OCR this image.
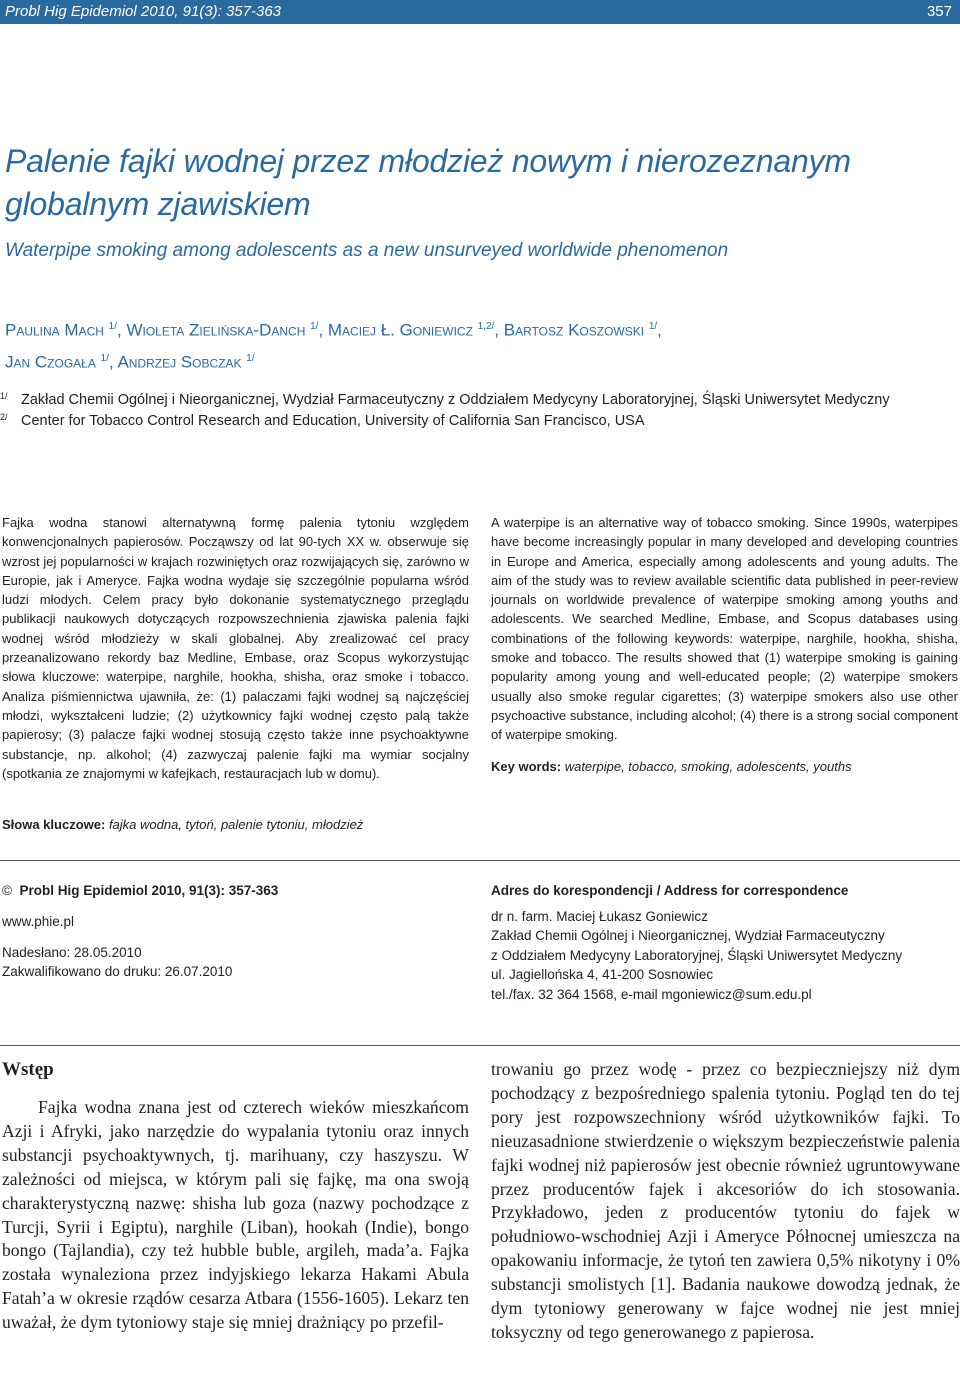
Probl Hig Epidemiol 2010, 91(3): 357-363	357
Palenie fajki wodnej przez młodzież nowym i nierozeznanym globalnym zjawiskiem
Waterpipe smoking among adolescents as a new unsurveyed worldwide phenomenon
Paulina Mach $^{1/}$, Wioleta Zielińska-Danch $^{1/}$, Maciej Ł. Goniewicz $^{1,2/}$, Bartosz Koszowski $^{1/}$,
Jan Czogała $^{1/}$, Andrzej Sobczak $^{1/}$
1/ Zakład Chemii Ogólnej i Nieorganicznej, Wydział Farmaceutyczny z Oddziałem Medycyny Laboratoryjnej, Śląski Uniwersytet Medyczny
2/ Center for Tobacco Control Research and Education, University of California San Francisco, USA

Fajka wodna stanowi alternatywną formę palenia tytoniu względem konwencjonalnych papierosów. Począwszy od lat 90-tych XX w. obserwuje się wzrost jej popularności w krajach rozwiniętych oraz rozwijających się, zarówno w Europie, jak i Ameryce. Fajka wodna wydaje się szczególnie popularna wśród ludzi młodych. Celem pracy było dokonanie systematycznego przeglądu publikacji naukowych dotyczących rozpowszechnienia zjawiska palenia fajki wodnej wśród młodzieży w skali globalnej. Aby zrealizować cel pracy przeanalizowano rekordy baz Medline, Embase, oraz Scopus wykorzystując słowa kluczowe: waterpipe, narghile, hookha, shisha, oraz smoke i tobacco. Analiza piśmiennictwa ujawniła, że: (1) palaczami fajki wodnej są najczęściej młodzi, wykształceni ludzie; (2) użytkownicy fajki wodnej często palą także papierosy; (3) palacze fajki wodnej stosują często także inne psychoaktywne substancje, np. alkohol; (4) zazwyczaj palenie fajki ma wymiar socjalny (spotkania ze znajomymi w kafejkach, restauracjach lub w domu).

Słowa kluczowe: fajka wodna, tytoń, palenie tytoniu, młodzież

A waterpipe is an alternative way of tobacco smoking. Since 1990s, waterpipes have become increasingly popular in many developed and developing countries in Europe and America, especially among adolescents and young adults. The aim of the study was to review available scientific data published in peer-review journals on worldwide prevalence of waterpipe smoking among youths and adolescents. We searched Medline, Embase, and Scopus databases using combinations of the following keywords: waterpipe, narghile, hookha, shisha, smoke and tobacco. The results showed that (1) waterpipe smoking is gaining popularity among young and well-educated people; (2) waterpipe smokers usually also smoke regular cigarettes; (3) waterpipe smokers also use other psychoactive substance, including alcohol; (4) there is a strong social component of waterpipe smoking.

Key words: waterpipe, tobacco, smoking, adolescents, youths

© Probl Hig Epidemiol 2010, 91(3): 357-363
www.phie.pl
Nadesłano: 28.05.2010
Zakwalifikowano do druku: 26.07.2010
Adres do korespondencji / Address for correspondence
dr n. farm. Maciej Łukasz Goniewicz
Zakład Chemii Ogólnej i Nieorganicznej, Wydział Farmaceutyczny
z Oddziałem Medycyny Laboratoryjnej, Śląski Uniwersytet Medyczny
ul. Jagiellońska 4, 41-200 Sosnowiec
tel./fax. 32 364 1568, e-mail mgoniewicz@sum.edu.pl
Wstęp

Fajka wodna znana jest od czterech wieków mieszkańcom Azji i Afryki, jako narzędzie do wypalania tytoniu oraz innych substancji psychoaktywnych, tj. marihuany, czy haszyszu. W zależności od miejsca, w którym pali się fajkę, ma ona swoją charakterystyczną nazwę: shisha lub goza (nazwy pochodzące z Turcji, Syrii i Egiptu), narghile (Liban), hookah (Indie), bongo bongo (Tajlandia), czy też hubble buble, argileh, mada’a. Fajka została wynaleziona przez indyjskiego lekarza Hakami Abula Fatah’a w okresie rządów cesarza Atbara (1556-1605). Lekarz ten uważał, że dym tytoniowy staje się mniej drażniący po przefil-

trowaniu go przez wodę - przez co bezpieczniejszy niż dym pochodzący z bezpośredniego spalenia tytoniu. Pogląd ten do tej pory jest rozpowszechniony wśród użytkowników fajki. To nieuzasadnione stwierdzenie o większym bezpieczeństwie palenia fajki wodnej niż papierosów jest obecnie również ugruntowywane przez producentów fajek i akcesoriów do ich stosowania. Przykładowo, jeden z producentów tytoniu do fajek w południowo-wschodniej Azji i Ameryce Północnej umieszcza na opakowaniu informacje, że tytoń ten zawiera 0,5% nikotyny i 0% substancji smolistych [1]. Badania naukowe dowodzą jednak, że dym tytoniowy generowany w fajce wodnej nie jest mniej toksyczny od tego generowanego z papierosa.
